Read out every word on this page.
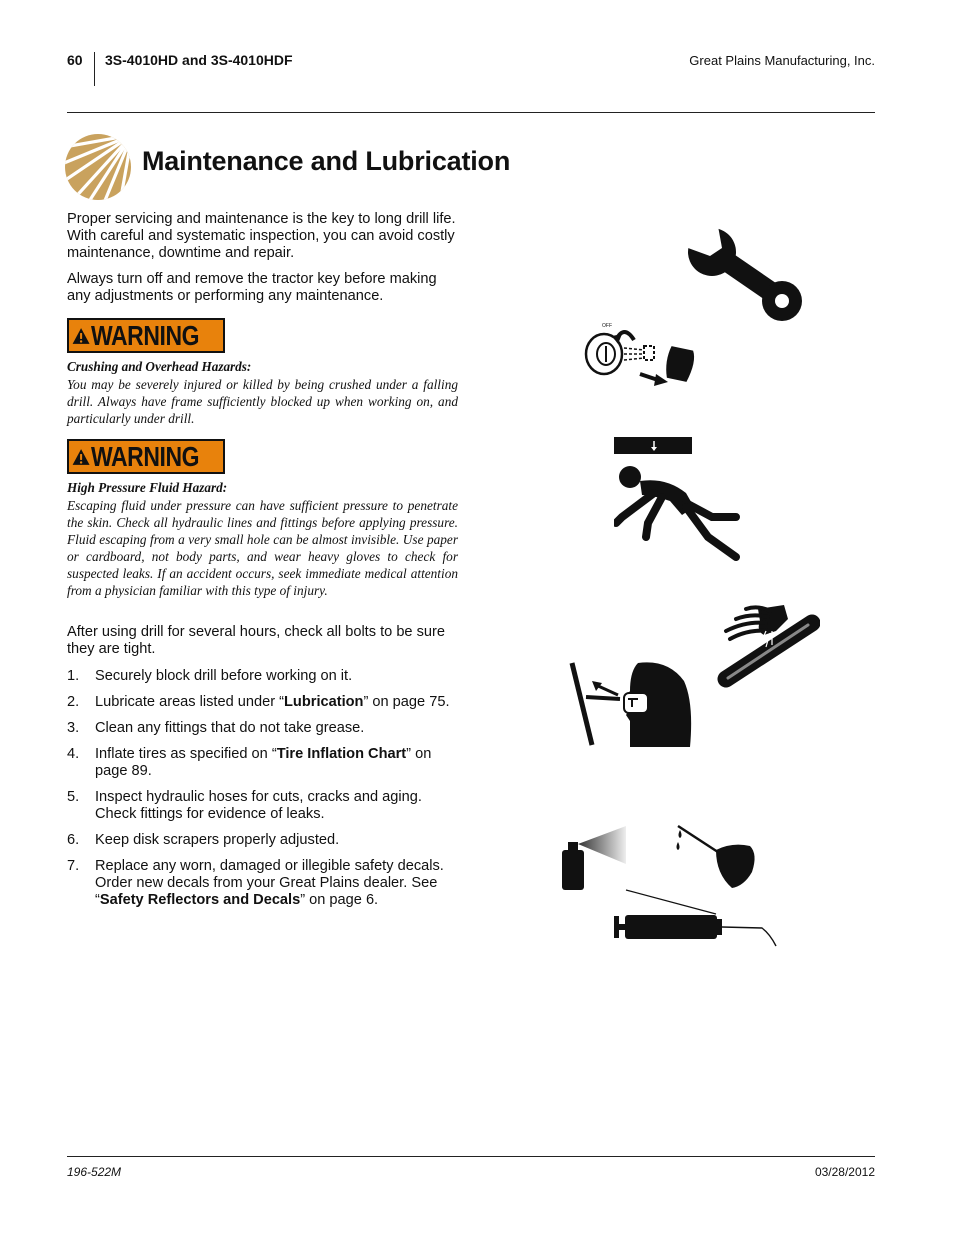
60 3S-4010HD and 3S-4010HDF	Great Plains Manufacturing, Inc.
Maintenance and Lubrication
Proper servicing and maintenance is the key to long drill life. With careful and systematic inspection, you can avoid costly maintenance, downtime and repair.
Always turn off and remove the tractor key before making any adjustments or performing any maintenance.
WARNING
Crushing and Overhead Hazards:
You may be severely injured or killed by being crushed under a falling drill. Always have frame sufficiently blocked up when working on, and particularly under drill.
WARNING
High Pressure Fluid Hazard:
Escaping fluid under pressure can have sufficient pressure to penetrate the skin. Check all hydraulic lines and fittings before applying pressure. Fluid escaping from a very small hole can be almost invisible. Use paper or cardboard, not body parts, and wear heavy gloves to check for suspected leaks. If an accident occurs, seek immediate medical attention from a physician familiar with this type of injury.
After using drill for several hours, check all bolts to be sure they are tight.
1. Securely block drill before working on it.
2. Lubricate areas listed under “Lubrication” on page 75.
3. Clean any fittings that do not take grease.
4. Inflate tires as specified on “Tire Inflation Chart” on page 89.
5. Inspect hydraulic hoses for cuts, cracks and aging. Check fittings for evidence of leaks.
6. Keep disk scrapers properly adjusted.
7. Replace any worn, damaged or illegible safety decals. Order new decals from your Great Plains dealer. See “Safety Reflectors and Decals” on page 6.
OFF
196-522M	03/28/2012
